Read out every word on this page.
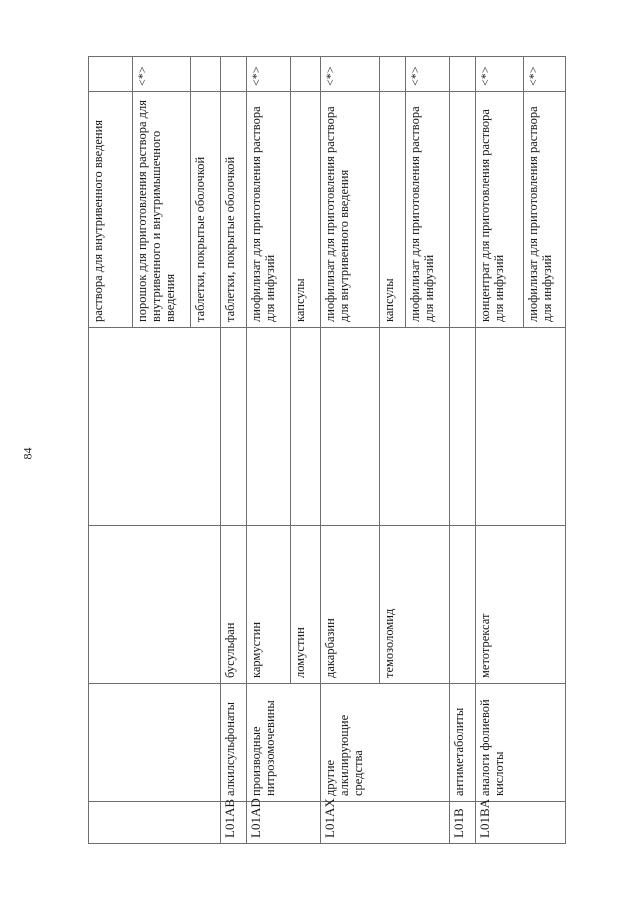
84
				раствора для внутривенного введения	
				порошок для приготовления раствора для внутривенного и внутримышечного введения	<*>
				таблетки, покрытые оболочкой	
L01AB	алкилсульфонаты	бусульфан		таблетки, покрытые оболочкой	
L01AD	производные нитрозомочевины	кармустин		лиофилизат для приготовления раствора для инфузий	<*>
		ломустин		капсулы	
L01AX	другие алкилирующие средства	дакарбазин		лиофилизат для приготовления раствора для внутривенного введения	<*>
		темозоломид		капсулы	
				лиофилизат для приготовления раствора для инфузий	<*>
L01B	антиметаболиты				
L01BA	аналоги фолиевой кислоты	метотрексат		концентрат для приготовления раствора для инфузий	<*>
				лиофилизат для приготовления раствора для инфузий	<*>
